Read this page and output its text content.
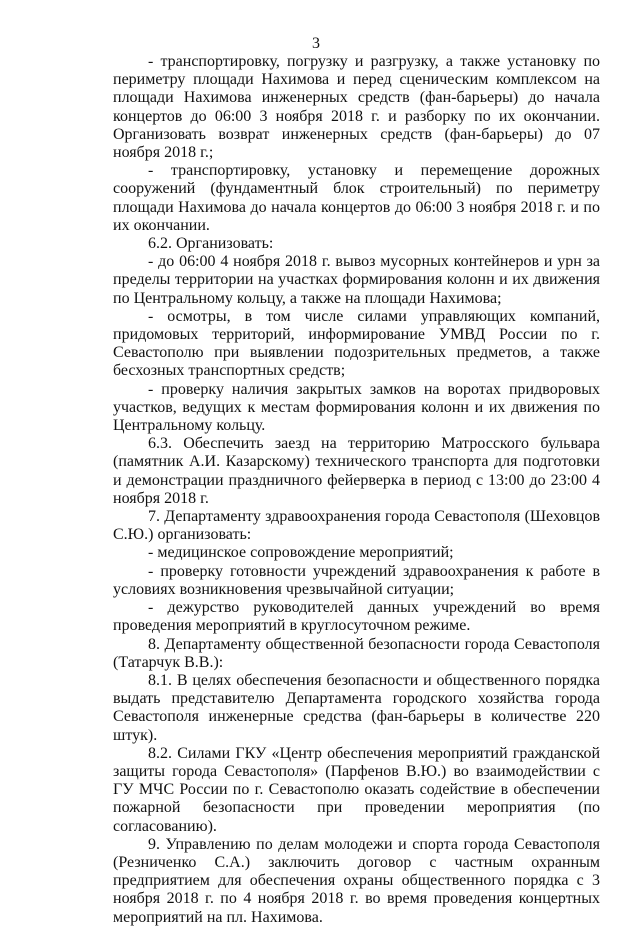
3

- транспортировку, погрузку и разгрузку, а также установку по периметру площади Нахимова и перед сценическим комплексом на площади Нахимова инженерных средств (фан-барьеры) до начала концертов до 06:00 3 ноября 2018 г. и разборку по их окончании. Организовать возврат инженерных средств (фан-барьеры) до 07 ноября 2018 г.;

- транспортировку, установку и перемещение дорожных сооружений (фундаментный блок строительный) по периметру площади Нахимова до начала концертов до 06:00 3 ноября 2018 г. и по их окончании.

6.2. Организовать:

- до 06:00 4 ноября 2018 г. вывоз мусорных контейнеров и урн за пределы территории на участках формирования колонн и их движения по Центральному кольцу, а также на площади Нахимова;

- осмотры, в том числе силами управляющих компаний, придомовых территорий, информирование УМВД России по г. Севастополю при выявлении подозрительных предметов, а также бесхозных транспортных средств;

- проверку наличия закрытых замков на воротах придворовых участков, ведущих к местам формирования колонн и их движения по Центральному кольцу.

6.3. Обеспечить заезд на территорию Матросского бульвара (памятник А.И. Казарскому) технического транспорта для подготовки и демонстрации праздничного фейерверка в период с 13:00 до 23:00 4 ноября 2018 г.

7. Департаменту здравоохранения города Севастополя (Шеховцов С.Ю.) организовать:

- медицинское сопровождение мероприятий;

- проверку готовности учреждений здравоохранения к работе в условиях возникновения чрезвычайной ситуации;

- дежурство руководителей данных учреждений во время проведения мероприятий в круглосуточном режиме.

8. Департаменту общественной безопасности города Севастополя (Татарчук В.В.):

8.1. В целях обеспечения безопасности и общественного порядка выдать представителю Департамента городского хозяйства города Севастополя инженерные средства (фан-барьеры в количестве 220 штук).

8.2. Силами ГКУ «Центр обеспечения мероприятий гражданской защиты города Севастополя» (Парфенов В.Ю.) во взаимодействии с ГУ МЧС России по г. Севастополю оказать содействие в обеспечении пожарной безопасности при проведении мероприятия (по согласованию).

9. Управлению по делам молодежи и спорта города Севастополя (Резниченко С.А.) заключить договор с частным охранным предприятием для обеспечения охраны общественного порядка с 3 ноября 2018 г. по 4 ноября 2018 г. во время проведения концертных мероприятий на пл. Нахимова.
